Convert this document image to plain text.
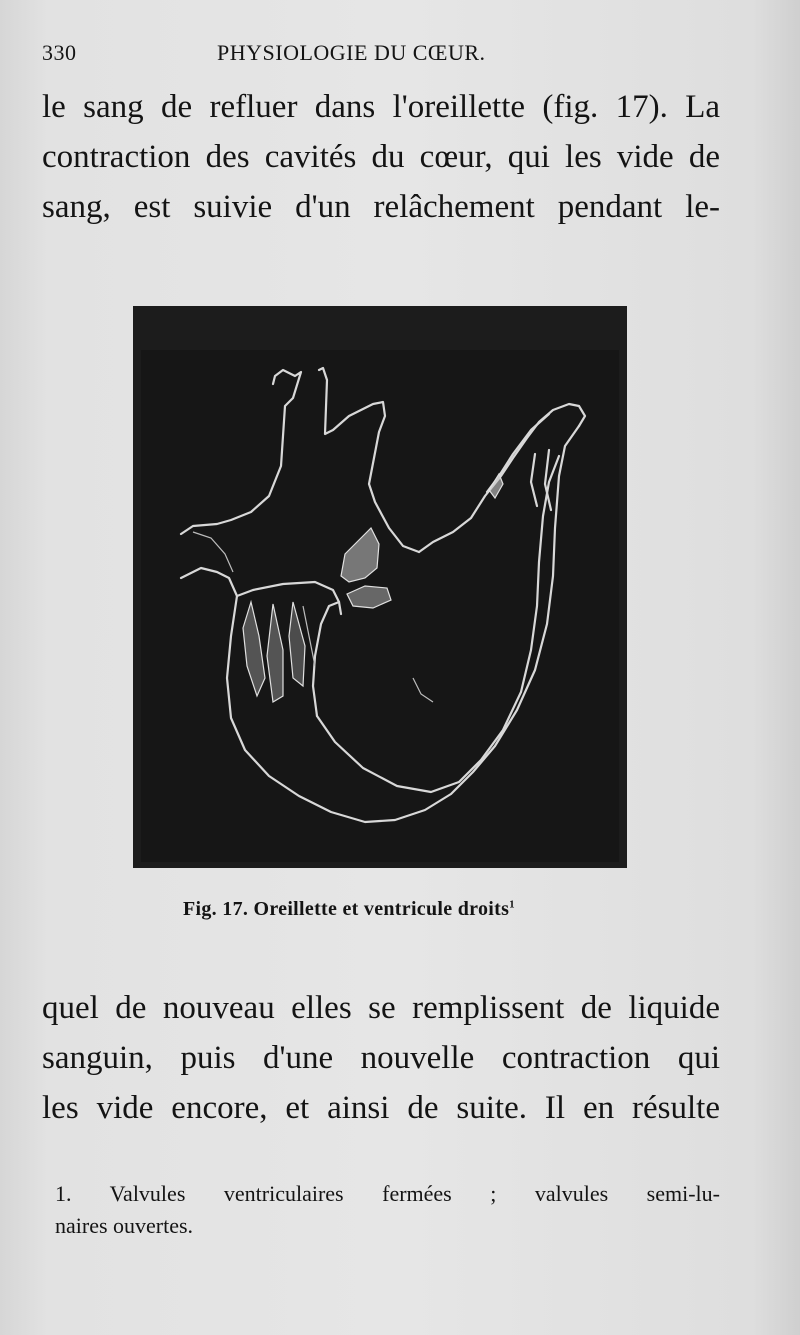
330	PHYSIOLOGIE DU CŒUR.

le sang de refluer dans l'oreillette (fig. 17). La
contraction des cavités du cœur, qui les vide de
sang, est suivie d'un relâchement pendant le-

Fig. 17. Oreillette et ventricule droits$^1$

quel de nouveau elles se remplissent de liquide
sanguin, puis d'une nouvelle contraction qui
les vide encore, et ainsi de suite. Il en résulte

1. Valvules ventriculaires fermées ; valvules semi-lu-
naires ouvertes.
